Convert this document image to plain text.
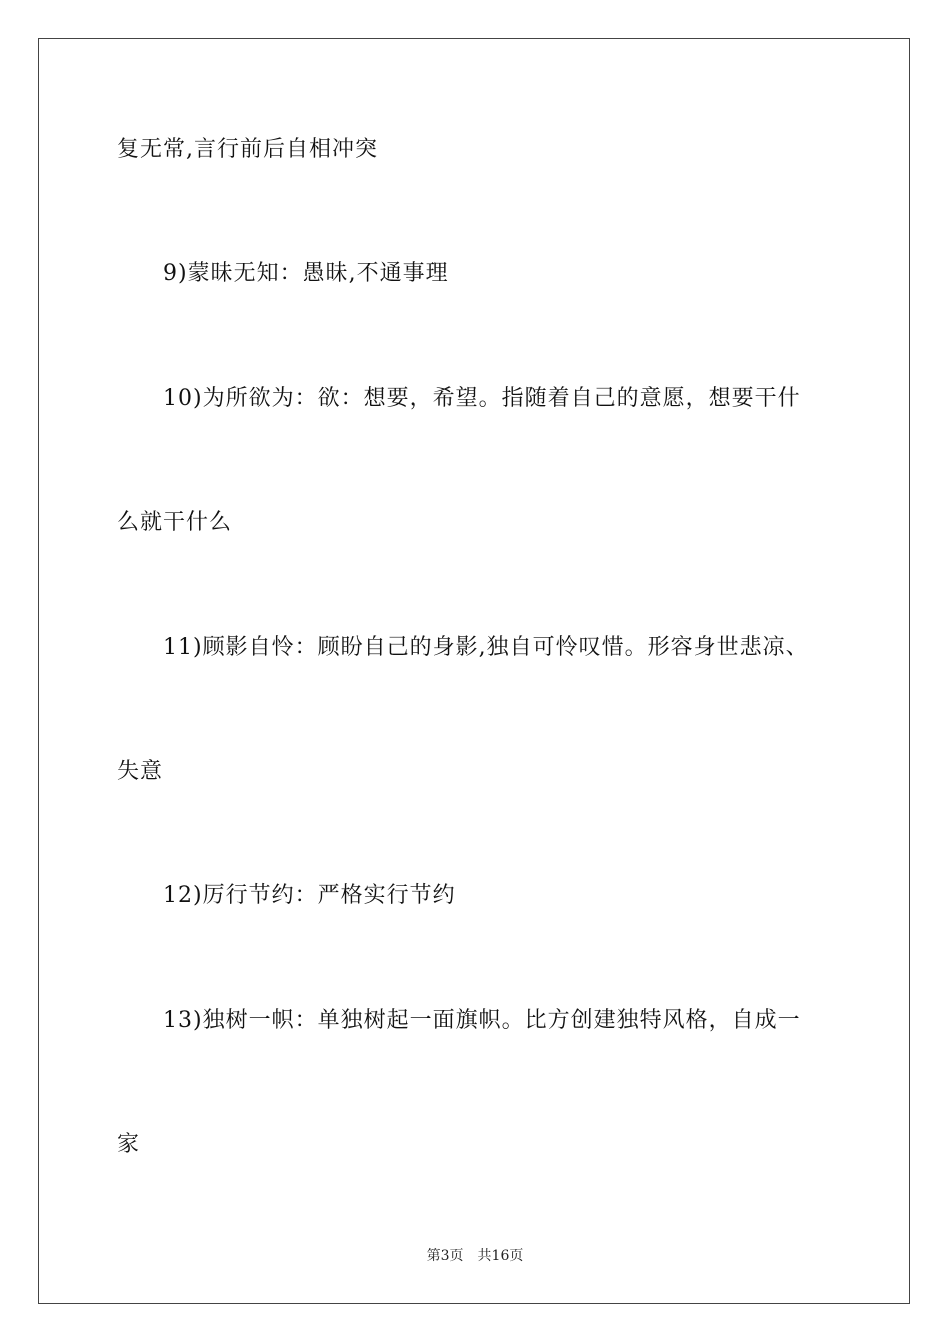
复无常,言行前后自相冲突
9)蒙昧无知：愚昧,不通事理
10)为所欲为：欲：想要，希望。指随着自己的意愿，想要干什
么就干什么
11)顾影自怜：顾盼自己的身影,独自可怜叹惜。形容身世悲凉、
失意
12)厉行节约：严格实行节约
13)独树一帜：单独树起一面旗帜。比方创建独特风格，自成一
家
第3页 共16页
